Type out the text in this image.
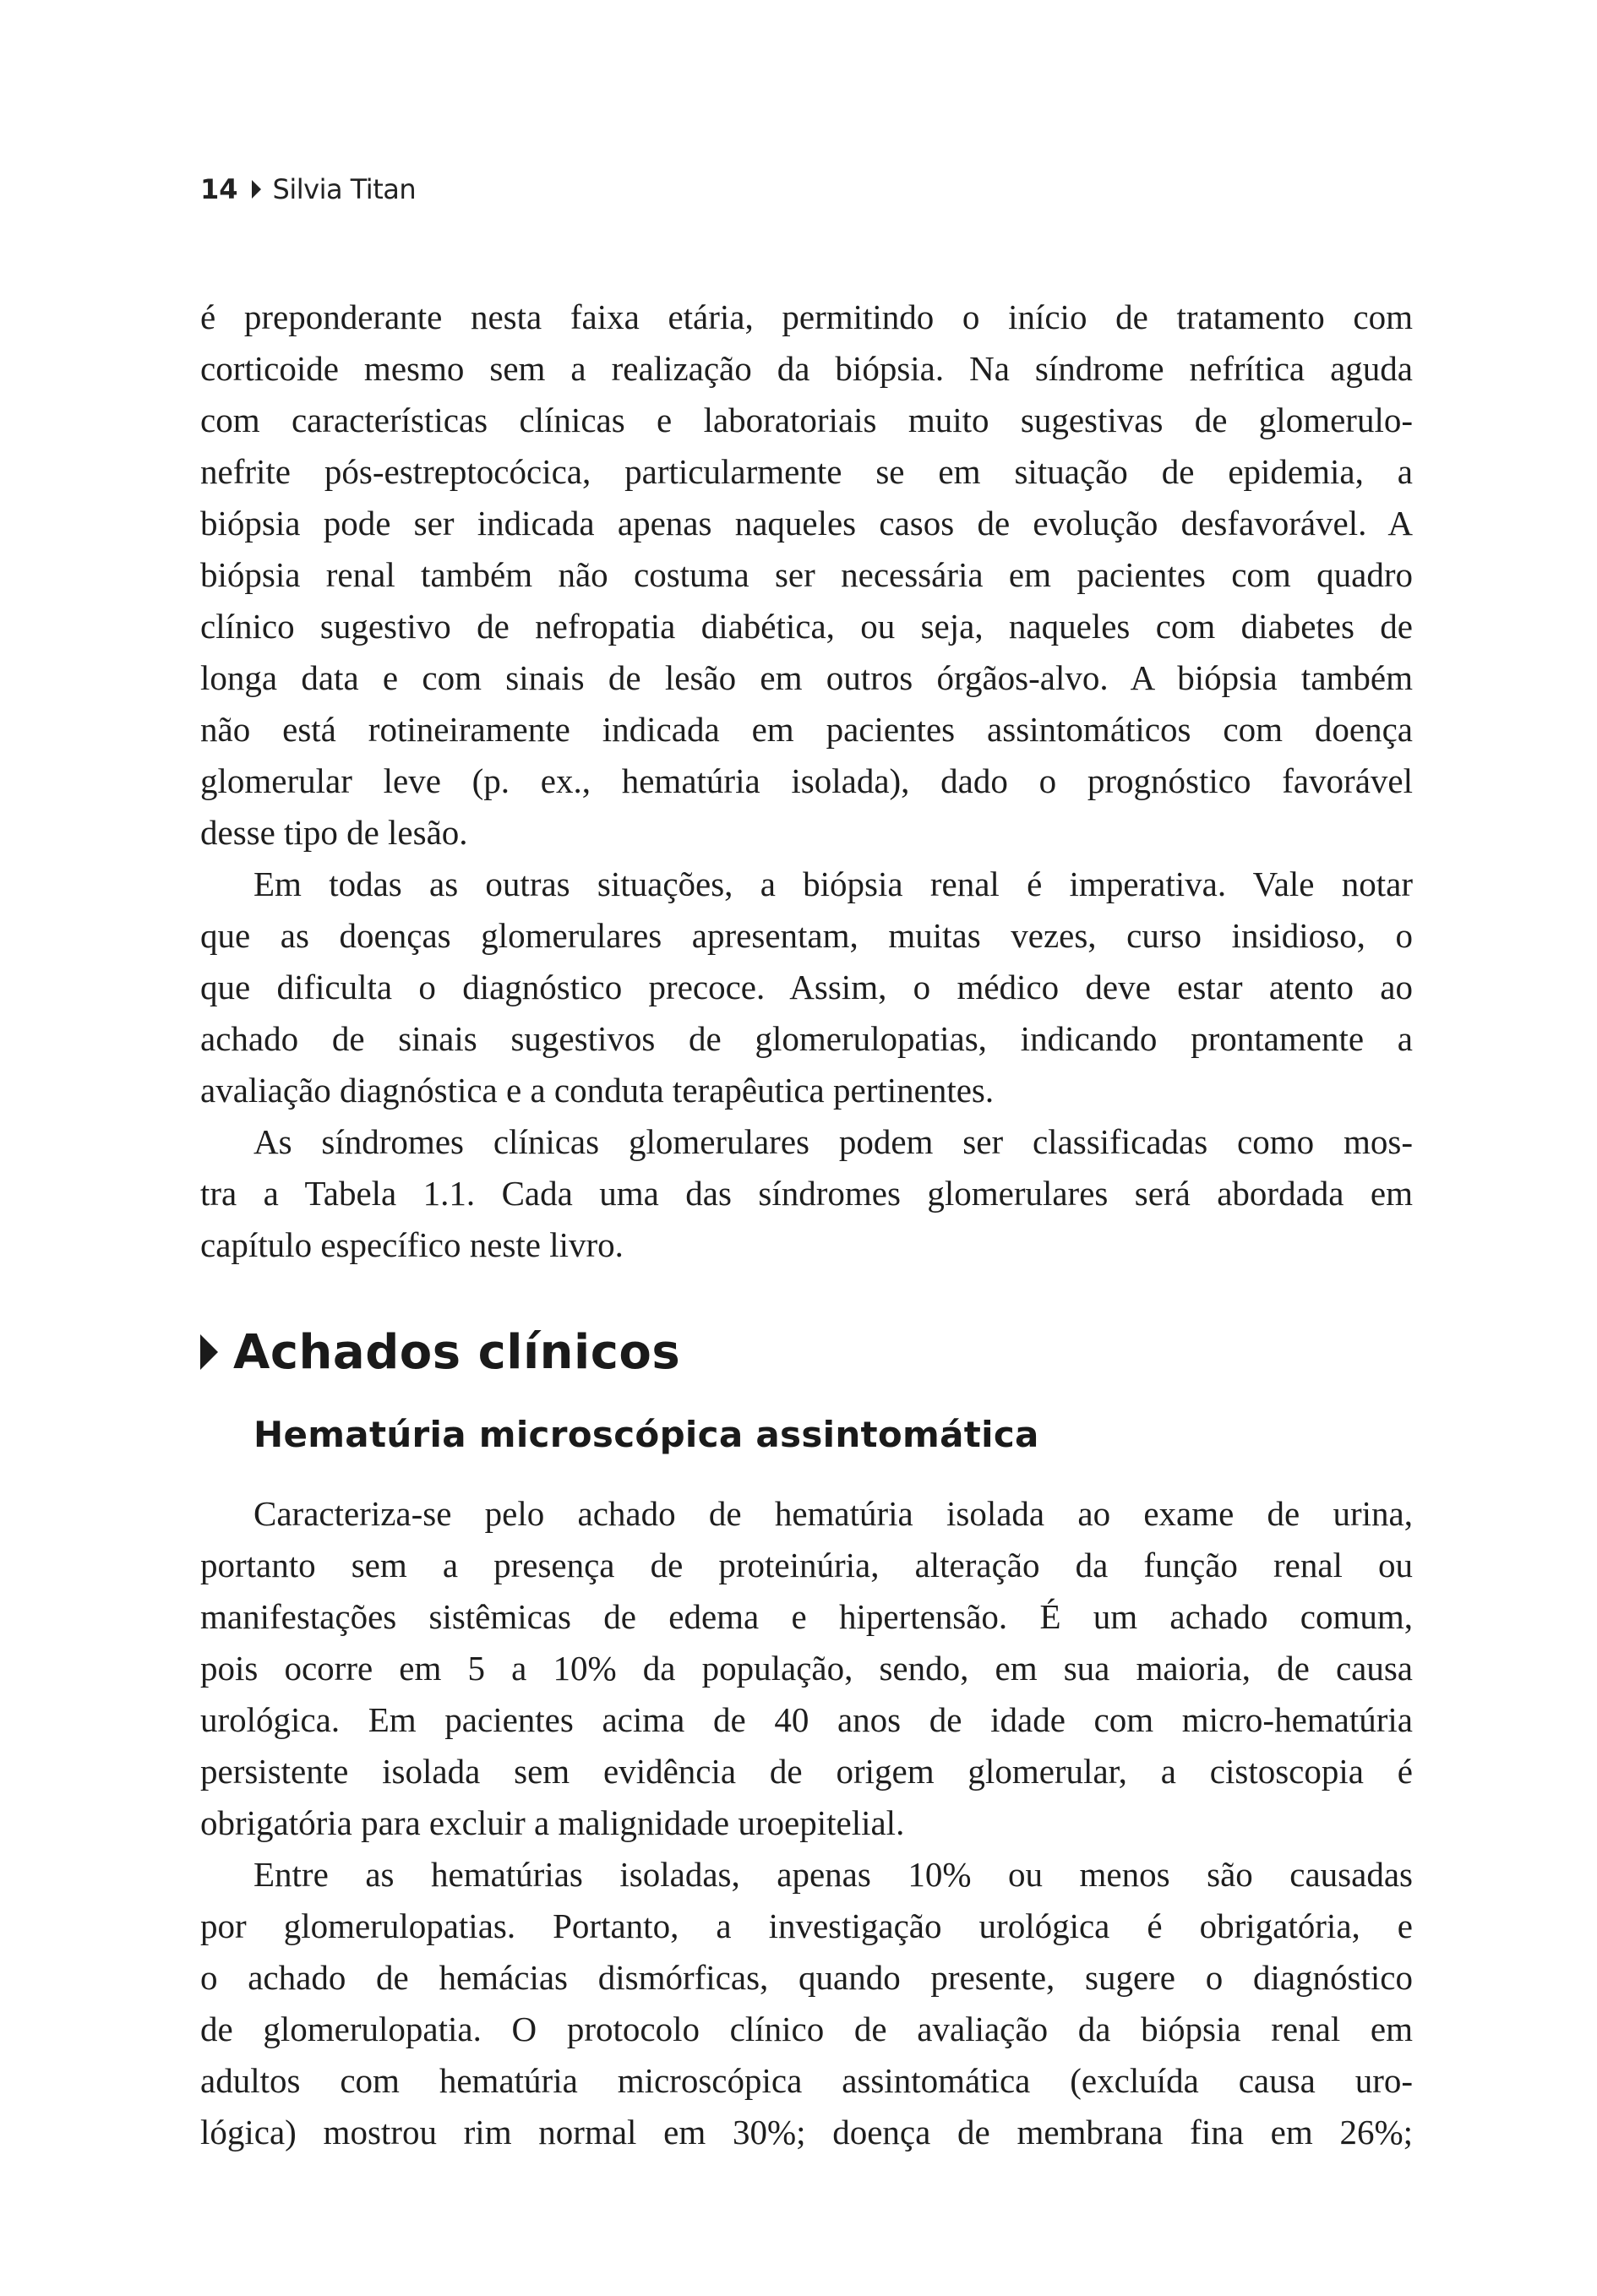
14 Silvia Titan
é preponderante nesta faixa etária, permitindo o início de tratamento com
corticoide mesmo sem a realização da biópsia. Na síndrome nefrítica aguda
com características clínicas e laboratoriais muito sugestivas de glomerulo-
nefrite pós-estreptocócica, particularmente se em situação de epidemia, a
biópsia pode ser indicada apenas naqueles casos de evolução desfavorável. A
biópsia renal também não costuma ser necessária em pacientes com quadro
clínico sugestivo de nefropatia diabética, ou seja, naqueles com diabetes de
longa data e com sinais de lesão em outros órgãos-alvo. A biópsia também
não está rotineiramente indicada em pacientes assintomáticos com doença
glomerular leve (p. ex., hematúria isolada), dado o prognóstico favorável
desse tipo de lesão.
Em todas as outras situações, a biópsia renal é imperativa. Vale notar
que as doenças glomerulares apresentam, muitas vezes, curso insidioso, o
que dificulta o diagnóstico precoce. Assim, o médico deve estar atento ao
achado de sinais sugestivos de glomerulopatias, indicando prontamente a
avaliação diagnóstica e a conduta terapêutica pertinentes.
As síndromes clínicas glomerulares podem ser classificadas como mos-
tra a Tabela 1.1. Cada uma das síndromes glomerulares será abordada em
capítulo específico neste livro.
Achados clínicos
Hematúria microscópica assintomática
Caracteriza-se pelo achado de hematúria isolada ao exame de urina,
portanto sem a presença de proteinúria, alteração da função renal ou
manifestações sistêmicas de edema e hipertensão. É um achado comum,
pois ocorre em 5 a 10% da população, sendo, em sua maioria, de causa
urológica. Em pacientes acima de 40 anos de idade com micro-hematúria
persistente isolada sem evidência de origem glomerular, a cistoscopia é
obrigatória para excluir a malignidade uroepitelial.
Entre as hematúrias isoladas, apenas 10% ou menos são causadas
por glomerulopatias. Portanto, a investigação urológica é obrigatória, e
o achado de hemácias dismórficas, quando presente, sugere o diagnóstico
de glomerulopatia. O protocolo clínico de avaliação da biópsia renal em
adultos com hematúria microscópica assintomática (excluída causa uro-
lógica) mostrou rim normal em 30%; doença de membrana fina em 26%;
